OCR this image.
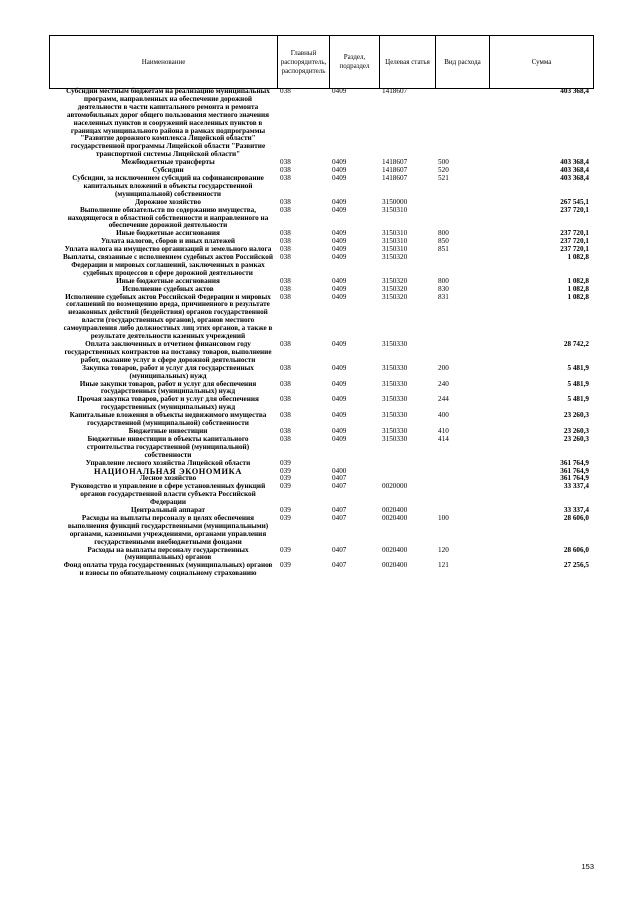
Наименование	Главный распорядитель, распорядитель	Раздел, подраздел	Целевая статья	Вид расхода	Сумма
Субсидии местным бюджетам на реализацию муниципальных программ, направленных на обеспечение дорожной деятельности в части капитального ремонта и ремонта автомобильных дорог общего пользования местного значения населенных пунктов и сооружений населенных пунктов в границах муниципального района в рамках подпрограммы "Развитие дорожного комплекса Лицейской области" государственной программы Лицейской области "Развитие транспортной системы Лицейской области"	038	0409	1418607		403 368,4
Межбюджетные трансферты	038	0409	1418607	500	403 368,4
Субсидии	038	0409	1418607	520	403 368,4
Субсидии, за исключением субсидий на софинансирование капитальных вложений в объекты государственной (муниципальной) собственности	038	0409	1418607	521	403 368,4
Дорожное хозяйство	038	0409	3150000		267 545,1
Выполнение обязательств по содержанию имущества, находящегося в областной собственности и направленного на обеспечение дорожной деятельности	038	0409	3150310		237 720,1
Иные бюджетные ассигнования	038	0409	3150310	800	237 720,1
Уплата налогов, сборов и иных платежей	038	0409	3150310	850	237 720,1
Уплата налога на имущество организаций и земельного налога	038	0409	3150310	851	237 720,1
Выплаты, связанные с исполнением судебных актов Российской Федерации и мировых соглашений, заключенных в рамках судебных процессов в сфере дорожной деятельности	038	0409	3150320		1 082,8
Иные бюджетные ассигнования	038	0409	3150320	800	1 082,8
Исполнение судебных актов	038	0409	3150320	830	1 082,8
Исполнение судебных актов Российской Федерации и мировых соглашений по возмещению вреда, причиненного в результате незаконных действий (бездействия) органов государственной власти (государственных органов), органов местного самоуправления либо должностных лиц этих органов, а также в результате деятельности казенных учреждений	038	0409	3150320	831	1 082,8
Оплата заключенных в отчетном финансовом году государственных контрактов на поставку товаров, выполнение работ, оказание услуг в сфере дорожной деятельности	038	0409	3150330		28 742,2
Закупка товаров, работ и услуг для государственных (муниципальных) нужд	038	0409	3150330	200	5 481,9
Иные закупки товаров, работ и услуг для обеспечения государственных (муниципальных) нужд	038	0409	3150330	240	5 481,9
Прочая закупка товаров, работ и услуг для обеспечения государственных (муниципальных) нужд	038	0409	3150330	244	5 481,9
Капитальные вложения в объекты недвижимого имущества государственной (муниципальной) собственности	038	0409	3150330	400	23 260,3
Бюджетные инвестиции	038	0409	3150330	410	23 260,3
Бюджетные инвестиции в объекты капитального строительства государственной (муниципальной) собственности	038	0409	3150330	414	23 260,3
Управление лесного хозяйства Лицейской области	039				361 764,9
НАЦИОНАЛЬНАЯ ЭКОНОМИКА	039	0400			361 764,9
Лесное хозяйство	039	0407			361 764,9
Руководство и управление в сфере установленных функций органов государственной власти субъекта Российской Федерации	039	0407	0020000		33 337,4
Центральный аппарат	039	0407	0020400		33 337,4
Расходы на выплаты персоналу в целях обеспечения выполнения функций государственными (муниципальными) органами, казенными учреждениями, органами управления государственными внебюджетными фондами	039	0407	0020400	100	28 606,0
Расходы на выплаты персоналу государственных (муниципальных) органов	039	0407	0020400	120	28 606,0
Фонд оплаты труда государственных (муниципальных) органов и взносы по обязательному социальному страхованию	039	0407	0020400	121	27 256,5
153
